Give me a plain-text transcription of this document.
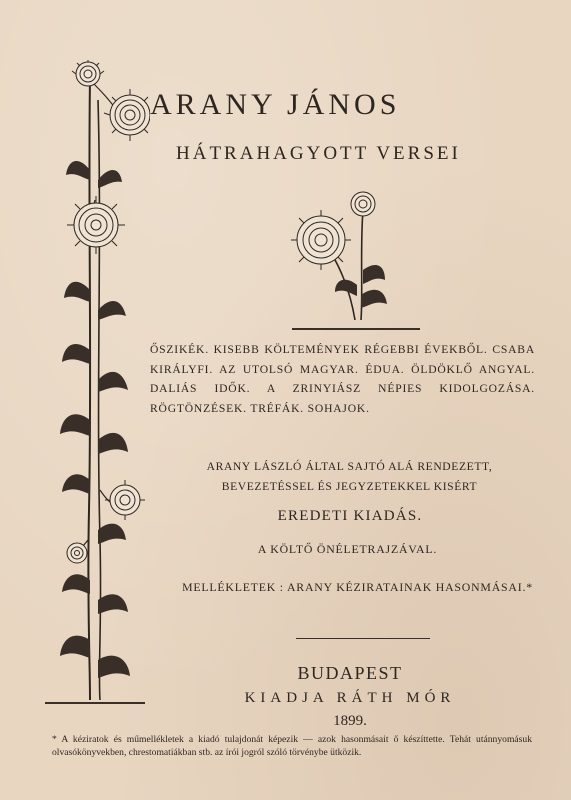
ARANY JÁNOS
HÁTRAHAGYOTT VERSEI
ŐSZIKÉK. KISEBB KÖLTEMÉNYEK RÉGEBBI ÉVEKBŐL. CSABA KIRÁLYFI. AZ UTOLSÓ MAGYAR. ÉDUA. ÖLDÖKLŐ ANGYAL. DALIÁS IDŐK. A ZRINYIÁSZ NÉPIES KIDOLGOZÁSA. RÖGTÖNZÉSEK. TRÉFÁK. SOHAJOK.
ARANY LÁSZLÓ ÁLTAL SAJTÓ ALÁ RENDEZETT, BEVEZETÉSSEL ÉS JEGYZETEKKEL KISÉRT
EREDETI KIADÁS.
A KÖLTŐ ÖNÉLETRAJZÁVAL.
MELLÉKLETEK : ARANY KÉZIRATAINAK HASONMÁSAI.*
BUDAPEST
KIADJA RÁTH MÓR
1899.
* A kéziratok és műmellékletek a kiadó tulajdonát képezik — azok hasonmásait ő készíttette. Tehát utánnyomásuk olvasókönyvekben, chrestomatiákban stb. az írói jogról szóló törvénybe ütközik.
